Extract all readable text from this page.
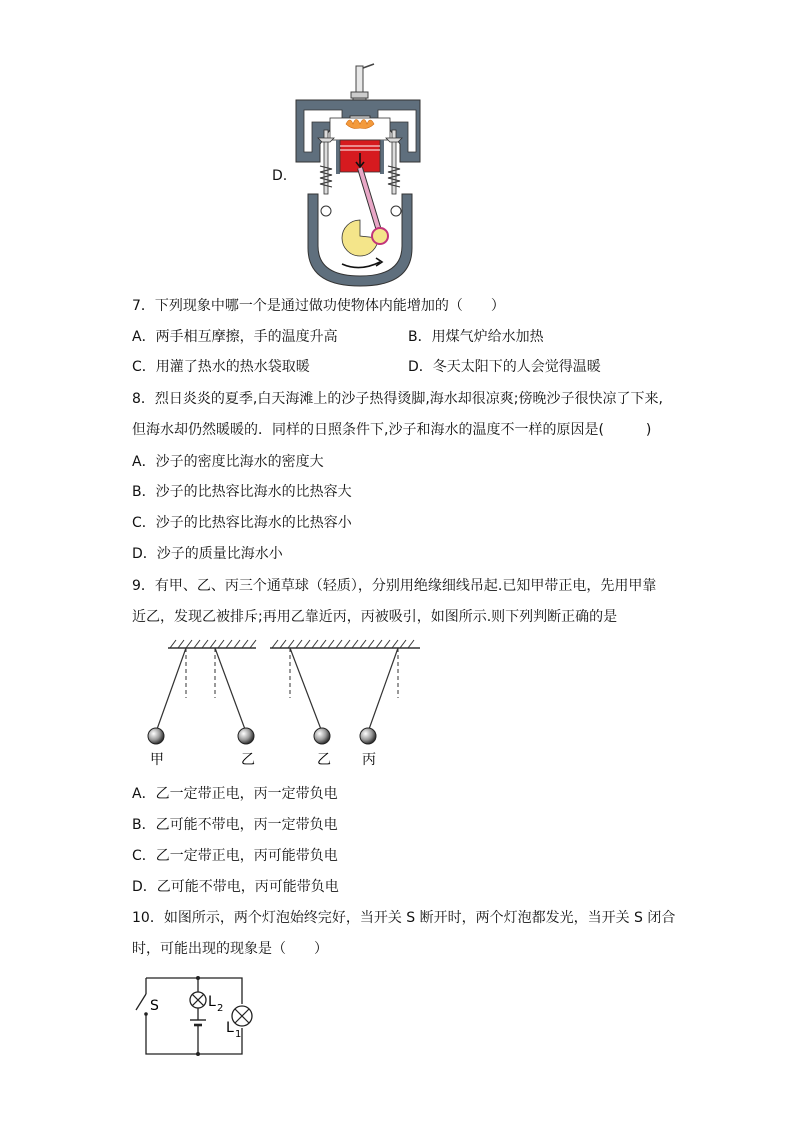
D.
7．下列现象中哪一个是通过做功使物体内能增加的（　　）
A．两手相互摩擦，手的温度升高	B．用煤气炉给水加热
C．用灌了热水的热水袋取暖	D．冬天太阳下的人会觉得温暖
8．烈日炎炎的夏季,白天海滩上的沙子热得烫脚,海水却很凉爽;傍晚沙子很快凉了下来,
但海水却仍然暖暖的．同样的日照条件下,沙子和海水的温度不一样的原因是(　　　)
A．沙子的密度比海水的密度大
B．沙子的比热容比海水的比热容大
C．沙子的比热容比海水的比热容小
D．沙子的质量比海水小
9．有甲、乙、丙三个通草球（轻质），分别用绝缘细线吊起.已知甲带正电，先用甲靠
近乙，发现乙被排斥;再用乙靠近丙，丙被吸引，如图所示.则下列判断正确的是
甲	乙	乙 丙
A．乙一定带正电，丙一定带负电
B．乙可能不带电，丙一定带负电
C．乙一定带正电，丙可能带负电
D．乙可能不带电，丙可能带负电
10．如图所示，两个灯泡始终完好，当开关 S 断开时，两个灯泡都发光，当开关 S 闭合
时，可能出现的现象是（　　）
S	L 2
L 1
